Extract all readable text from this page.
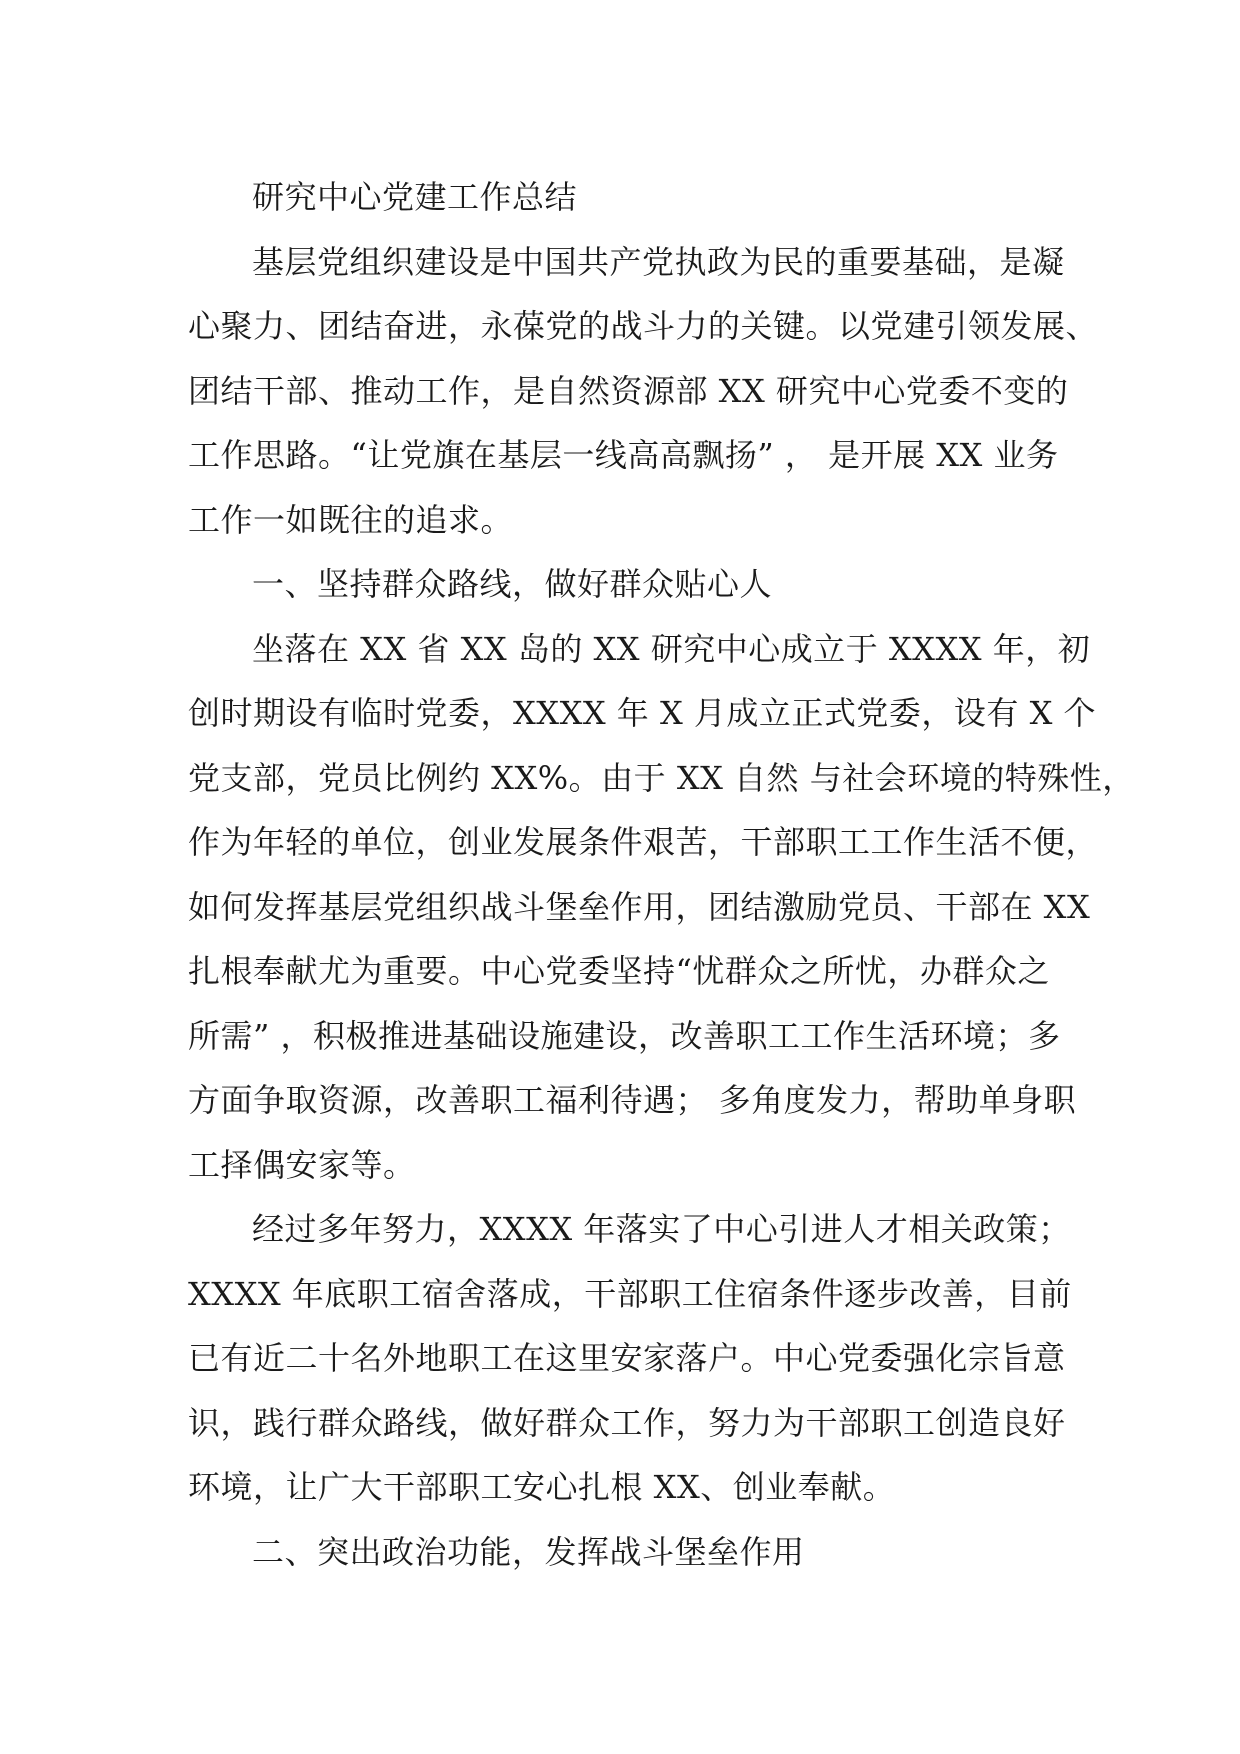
研究中心党建工作总结
基层党组织建设是中国共产党执政为民的重要基础，是凝
心聚力、团结奋进，永葆党的战斗力的关键。以党建引领发展、
团结干部、推动工作，是自然资源部 XX 研究中心党委不变的
工作思路。“让党旗在基层一线高高飘扬” ， 是开展 XX 业务
工作一如既往的追求。
一、坚持群众路线，做好群众贴心人
坐落在 XX 省 XX 岛的 XX 研究中心成立于 XXXX 年，初
创时期设有临时党委，XXXX 年 X 月成立正式党委，设有 X 个
党支部，党员比例约 XX%。由于 XX 自然 与社会环境的特殊性，
作为年轻的单位，创业发展条件艰苦，干部职工工作生活不便，
如何发挥基层党组织战斗堡垒作用，团结激励党员、干部在 XX
扎根奉献尤为重要。中心党委坚持“忧群众之所忧，办群众之
所需” ，积极推进基础设施建设，改善职工工作生活环境；多
方面争取资源，改善职工福利待遇； 多角度发力，帮助单身职
工择偶安家等。
经过多年努力，XXXX 年落实了中心引进人才相关政策；
XXXX 年底职工宿舍落成，干部职工住宿条件逐步改善，目前
已有近二十名外地职工在这里安家落户。中心党委强化宗旨意
识，践行群众路线，做好群众工作，努力为干部职工创造良好
环境，让广大干部职工安心扎根 XX、创业奉献。
二、突出政治功能，发挥战斗堡垒作用
